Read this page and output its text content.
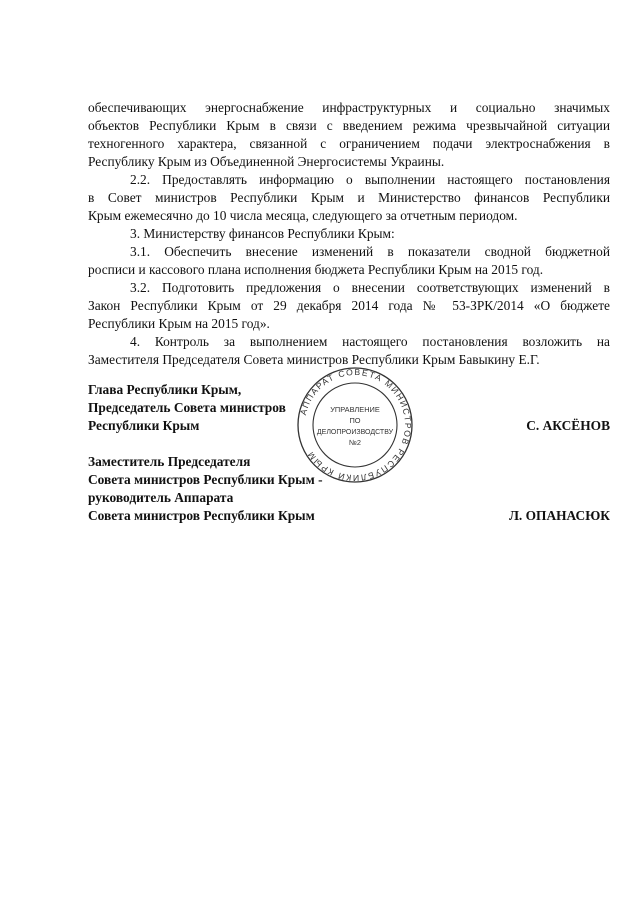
обеспечивающих энергоснабжение инфраструктурных и социально значимых
объектов Республики Крым в связи с введением режима чрезвычайной ситуации
техногенного характера, связанной с ограничением подачи электроснабжения в
Республику Крым из Объединенной Энергосистемы Украины.
2.2. Предоставлять информацию о выполнении настоящего постановления
в Совет министров Республики Крым и Министерство финансов Республики
Крым ежемесячно до 10 числа месяца, следующего за отчетным периодом.
3. Министерству финансов Республики Крым:
3.1. Обеспечить внесение изменений в показатели сводной бюджетной
росписи и кассового плана исполнения бюджета Республики Крым на 2015 год.
3.2. Подготовить предложения о внесении соответствующих изменений в
Закон Республики Крым от 29 декабря 2014 года № 53-ЗРК/2014 «О бюджете
Республики Крым на 2015 год».
4. Контроль за выполнением настоящего постановления возложить на
Заместителя Председателя Совета министров Республики Крым Бавыкину Е.Г.
АППАРАТ СОВЕТА МИНИСТРОВ РЕСПУБЛИКИ КРЫМ
УПРАВЛЕНИЕ
ПО
ДЕЛОПРОИЗВОДСТВУ
№2
Глава Республики Крым,
Председатель Совета министров
Республики Крым	С. АКСЁНОВ
Заместитель Председателя
Совета министров Республики Крым -
руководитель Аппарата
Совета министров Республики Крым	Л. ОПАНАСЮК
